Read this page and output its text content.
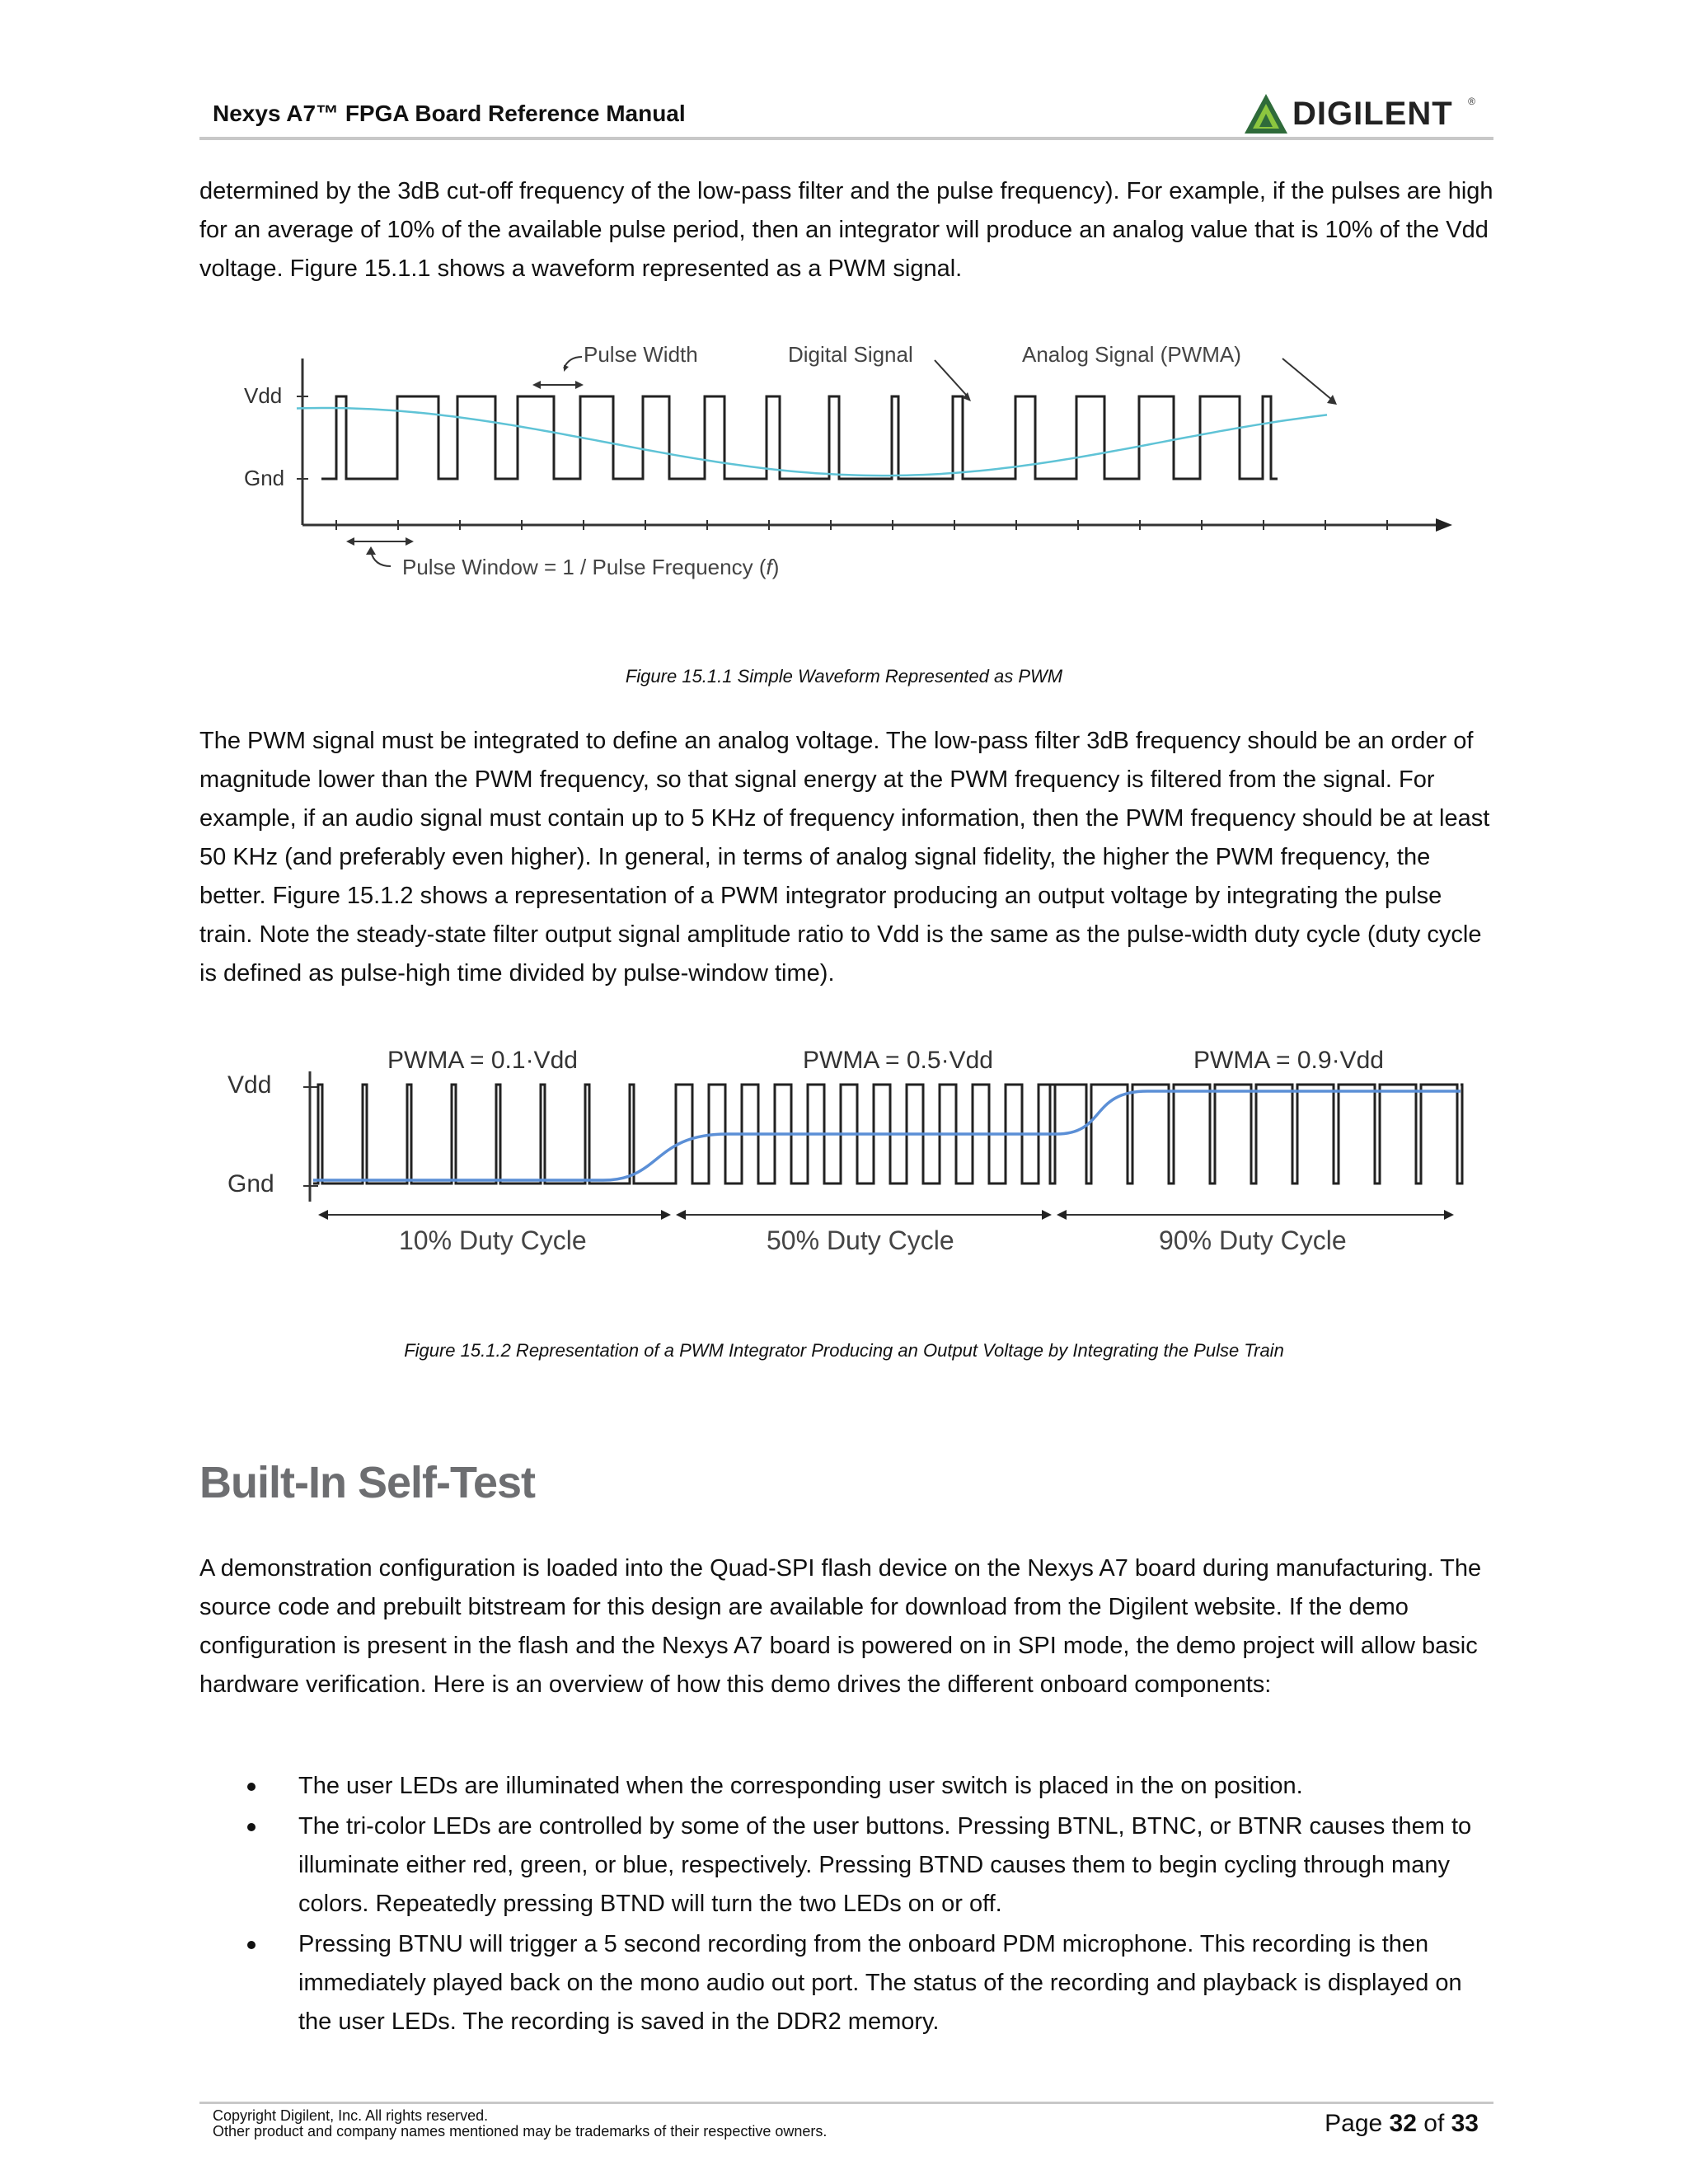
Nexys A7™ FPGA Board Reference Manual	DIGILENT ®
determined by the 3dB cut-off frequency of the low-pass filter and the pulse frequency). For example, if the pulses are high for an average of 10% of the available pulse period, then an integrator will produce an analog value that is 10% of the Vdd voltage. Figure 15.1.1 shows a waveform represented as a PWM signal.
Vdd
Gnd
Pulse Width	Digital Signal	Analog Signal (PWMA)
Pulse Window = 1 / Pulse Frequency (f)
Figure 15.1.1 Simple Waveform Represented as PWM
The PWM signal must be integrated to define an analog voltage. The low-pass filter 3dB frequency should be an order of magnitude lower than the PWM frequency, so that signal energy at the PWM frequency is filtered from the signal. For example, if an audio signal must contain up to 5 KHz of frequency information, then the PWM frequency should be at least 50 KHz (and preferably even higher). In general, in terms of analog signal fidelity, the higher the PWM frequency, the better. Figure 15.1.2 shows a representation of a PWM integrator producing an output voltage by integrating the pulse train. Note the steady-state filter output signal amplitude ratio to Vdd is the same as the pulse-width duty cycle (duty cycle is defined as pulse-high time divided by pulse-window time).
Vdd
Gnd
PWMA = 0.1·Vdd	PWMA = 0.5·Vdd	PWMA = 0.9·Vdd
10% Duty Cycle	50% Duty Cycle	90% Duty Cycle
Figure 15.1.2 Representation of a PWM Integrator Producing an Output Voltage by Integrating the Pulse Train
Built-In Self-Test
A demonstration configuration is loaded into the Quad-SPI flash device on the Nexys A7 board during manufacturing. The source code and prebuilt bitstream for this design are available for download from the Digilent website. If the demo configuration is present in the flash and the Nexys A7 board is powered on in SPI mode, the demo project will allow basic hardware verification. Here is an overview of how this demo drives the different onboard components:
The user LEDs are illuminated when the corresponding user switch is placed in the on position.
The tri-color LEDs are controlled by some of the user buttons. Pressing BTNL, BTNC, or BTNR causes them to illuminate either red, green, or blue, respectively. Pressing BTND causes them to begin cycling through many colors. Repeatedly pressing BTND will turn the two LEDs on or off.
Pressing BTNU will trigger a 5 second recording from the onboard PDM microphone. This recording is then immediately played back on the mono audio out port. The status of the recording and playback is displayed on the user LEDs. The recording is saved in the DDR2 memory.
Copyright Digilent, Inc. All rights reserved.
Other product and company names mentioned may be trademarks of their respective owners.	Page 32 of 33
